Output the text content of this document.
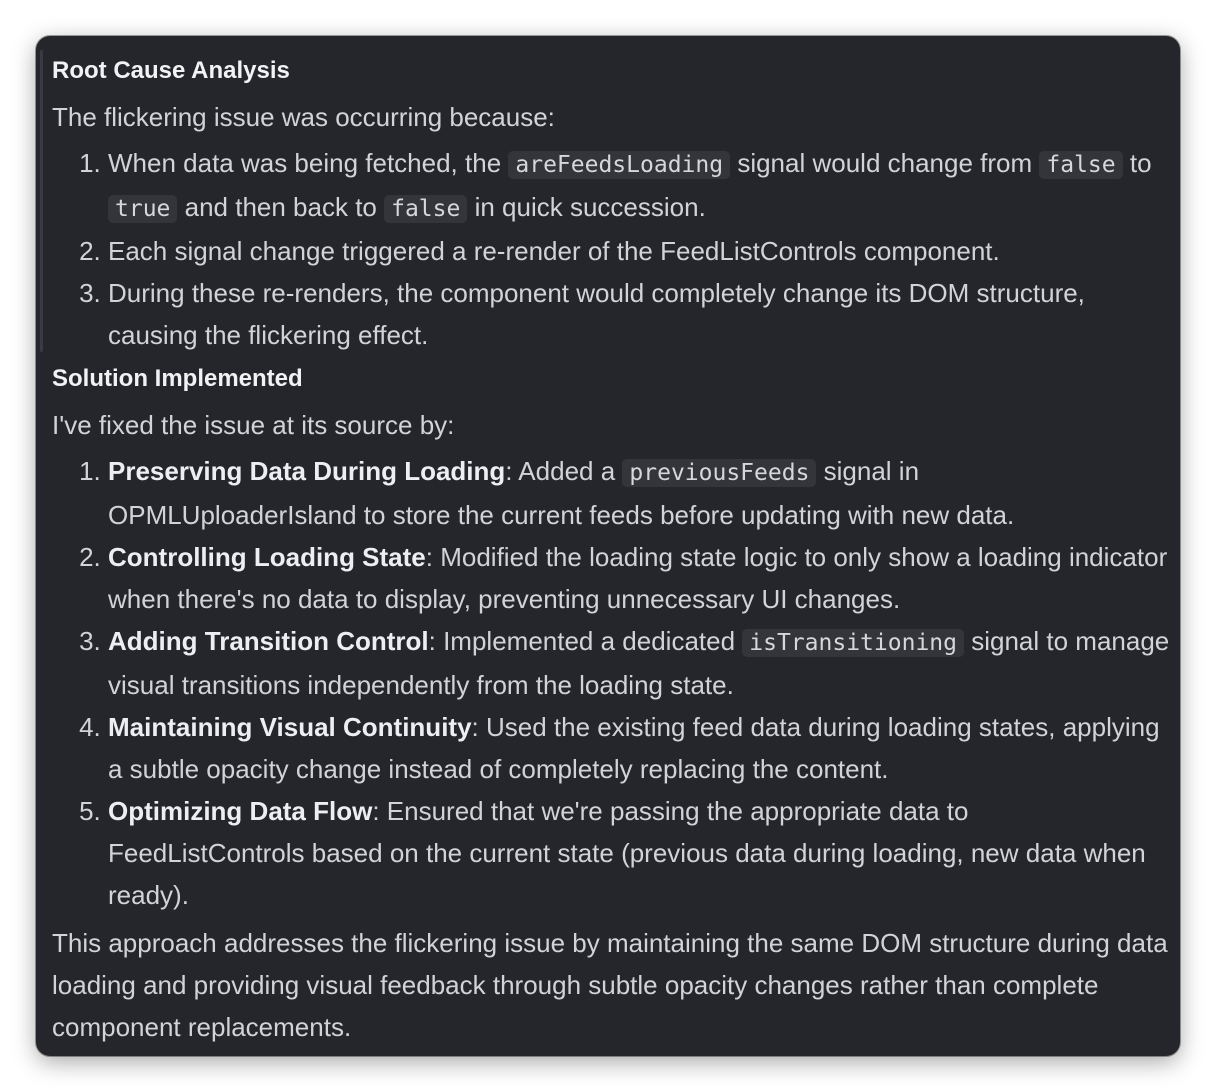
Root Cause Analysis

The flickering issue was occurring because:

1. When data was being fetched, the areFeedsLoading signal would change from false to true and then back to false in quick succession.
2. Each signal change triggered a re-render of the FeedListControls component.
3. During these re-renders, the component would completely change its DOM structure, causing the flickering effect.
Solution Implemented

I've fixed the issue at its source by:

1. Preserving Data During Loading: Added a previousFeeds signal in OPMLUploaderIsland to store the current feeds before updating with new data.
2. Controlling Loading State: Modified the loading state logic to only show a loading indicator when there's no data to display, preventing unnecessary UI changes.
3. Adding Transition Control: Implemented a dedicated isTransitioning signal to manage visual transitions independently from the loading state.
4. Maintaining Visual Continuity: Used the existing feed data during loading states, applying a subtle opacity change instead of completely replacing the content.
5. Optimizing Data Flow: Ensured that we're passing the appropriate data to FeedListControls based on the current state (previous data during loading, new data when ready).

This approach addresses the flickering issue by maintaining the same DOM structure during data loading and providing visual feedback through subtle opacity changes rather than complete component replacements.
